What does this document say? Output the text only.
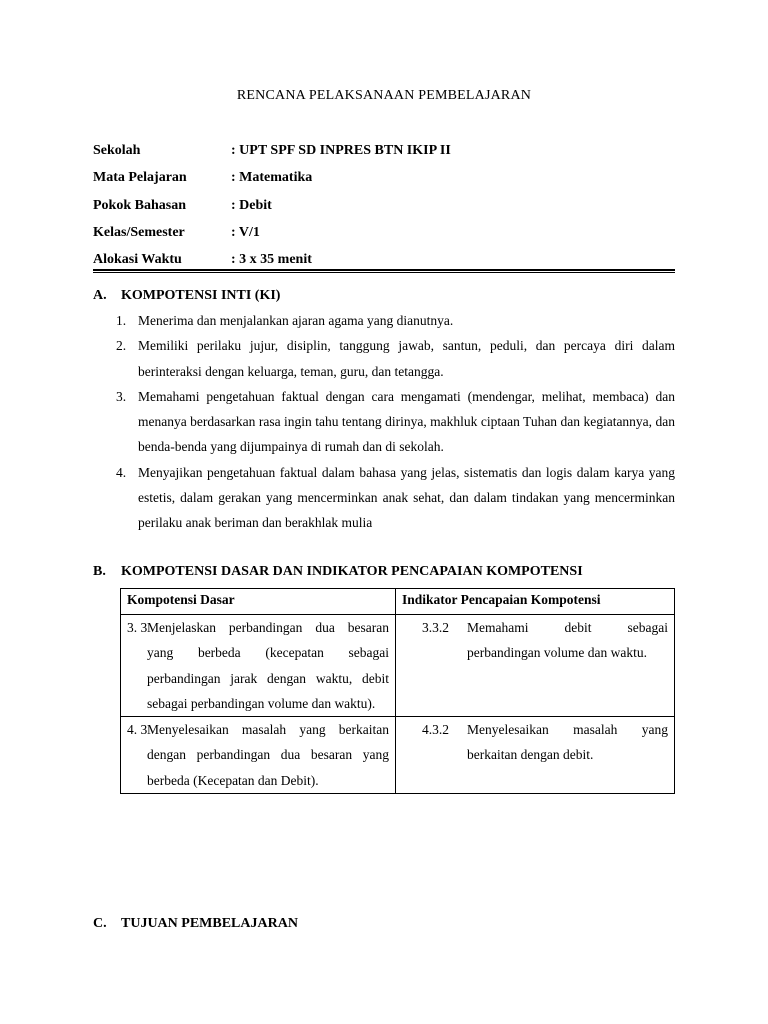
RENCANA PELAKSANAAN PEMBELAJARAN
Sekolah	: UPT SPF SD INPRES BTN IKIP II
Mata Pelajaran	: Matematika
Pokok Bahasan	: Debit
Kelas/Semester	: V/1
Alokasi Waktu	: 3 x 35 menit
A. KOMPOTENSI INTI (KI)
1. Menerima dan menjalankan ajaran agama yang dianutnya.
2. Memiliki perilaku jujur, disiplin, tanggung jawab, santun, peduli, dan percaya diri dalam berinteraksi dengan keluarga, teman, guru, dan tetangga.
3. Memahami pengetahuan faktual dengan cara mengamati (mendengar, melihat, membaca) dan menanya berdasarkan rasa ingin tahu tentang dirinya, makhluk ciptaan Tuhan dan kegiatannya, dan benda-benda yang dijumpainya di rumah dan di sekolah.
4. Menyajikan pengetahuan faktual dalam bahasa yang jelas, sistematis dan logis dalam karya yang estetis, dalam gerakan yang mencerminkan anak sehat, dan dalam tindakan yang mencerminkan perilaku anak beriman dan berakhlak mulia
B. KOMPOTENSI DASAR DAN INDIKATOR PENCAPAIAN KOMPOTENSI
Kompotensi Dasar	Indikator Pencapaian Kompotensi

3. 3 Menjelaskan perbandingan dua besaran yang berbeda (kecepatan sebagai perbandingan jarak dengan waktu, debit sebagai perbandingan volume dan waktu).	3.3.2 Memahami debit sebagai perbandingan volume dan waktu.

4. 3 Menyelesaikan masalah yang berkaitan dengan perbandingan dua besaran yang berbeda (Kecepatan dan Debit).	4.3.2 Menyelesaikan masalah yang berkaitan dengan debit.
C. TUJUAN PEMBELAJARAN
